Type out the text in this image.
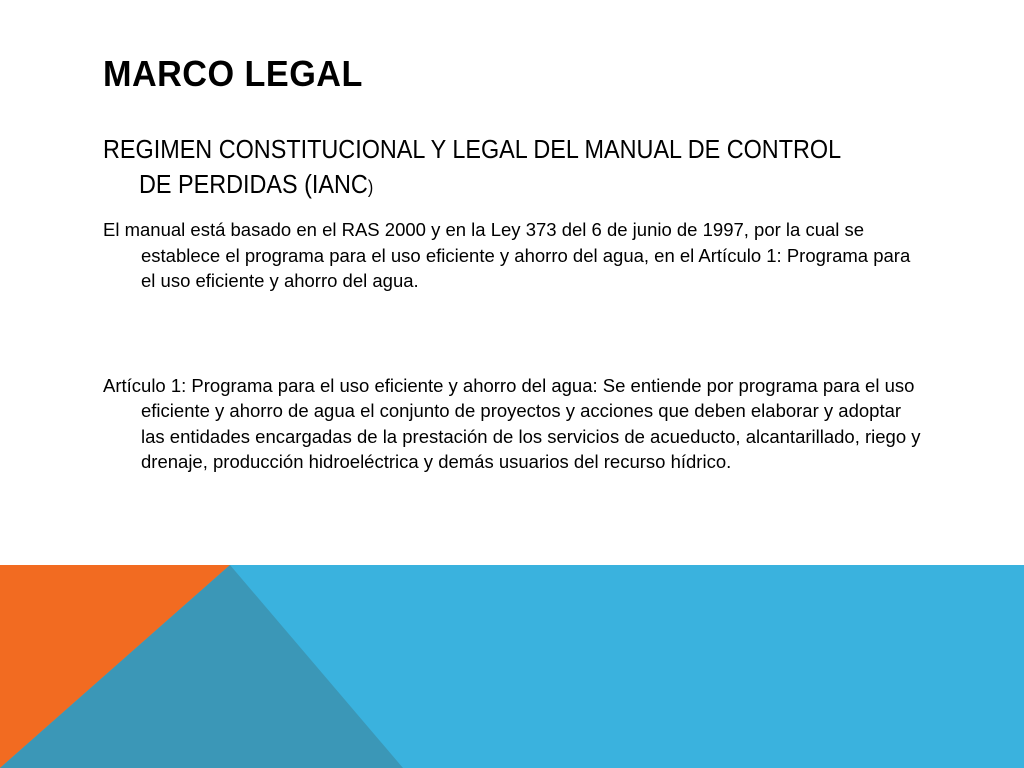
MARCO LEGAL

REGIMEN CONSTITUCIONAL Y LEGAL DEL MANUAL DE CONTROL DE PERDIDAS (IANC)

El manual está basado en el RAS 2000 y en la Ley 373 del 6 de junio de 1997, por la cual se establece el programa para el uso eficiente y ahorro del agua, en el Artículo 1: Programa para el uso eficiente y ahorro del agua.

Artículo 1: Programa para el uso eficiente y ahorro del agua: Se entiende por programa para el uso eficiente y ahorro de agua el conjunto de proyectos y acciones que deben elaborar y adoptar las entidades encargadas de la prestación de los servicios de acueducto, alcantarillado, riego y drenaje, producción hidroeléctrica y demás usuarios del recurso hídrico.
